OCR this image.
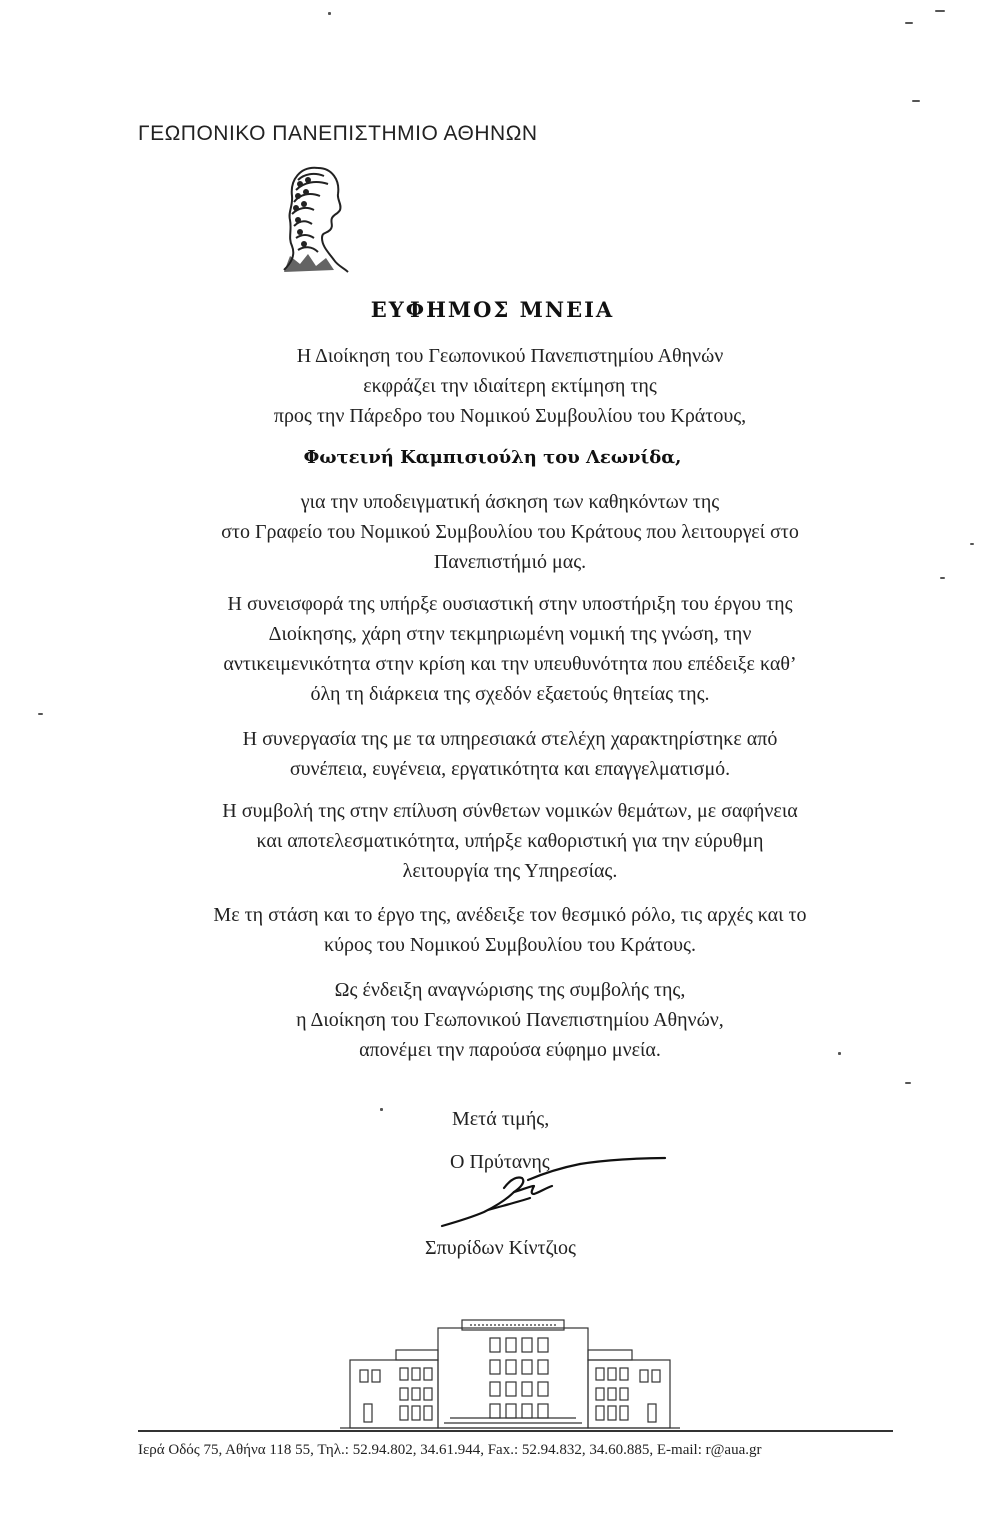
ΓΕΩΠΟΝΙΚΟ ΠΑΝΕΠΙΣΤΗΜΙΟ ΑΘΗΝΩΝ
ΕΥΦΗΜΟΣ ΜΝΕΙΑ
Η Διοίκηση του Γεωπονικού Πανεπιστημίου Αθηνών
εκφράζει την ιδιαίτερη εκτίμηση της
προς την Πάρεδρο του Νομικού Συμβουλίου του Κράτους,
Φωτεινή Καμπισιούλη του Λεωνίδα,
για την υποδειγματική άσκηση των καθηκόντων της
στο Γραφείο του Νομικού Συμβουλίου του Κράτους που λειτουργεί στο
Πανεπιστήμιό μας.
Η συνεισφορά της υπήρξε ουσιαστική στην υποστήριξη του έργου της
Διοίκησης, χάρη στην τεκμηριωμένη νομική της γνώση, την
αντικειμενικότητα στην κρίση και την υπευθυνότητα που επέδειξε καθ’
όλη τη διάρκεια της σχεδόν εξαετούς θητείας της.
Η συνεργασία της με τα υπηρεσιακά στελέχη χαρακτηρίστηκε από
συνέπεια, ευγένεια, εργατικότητα και επαγγελματισμό.
Η συμβολή της στην επίλυση σύνθετων νομικών θεμάτων, με σαφήνεια
και αποτελεσματικότητα, υπήρξε καθοριστική για την εύρυθμη
λειτουργία της Υπηρεσίας.
Με τη στάση και το έργο της, ανέδειξε τον θεσμικό ρόλο, τις αρχές και το
κύρος του Νομικού Συμβουλίου του Κράτους.
Ως ένδειξη αναγνώρισης της συμβολής της,
η Διοίκηση του Γεωπονικού Πανεπιστημίου Αθηνών,
απονέμει την παρούσα εύφημο μνεία.
Μετά τιμής,
Ο Πρύτανης
Σπυρίδων Κίντζιος
Ιερά Οδός 75, Αθήνα 118 55, Τηλ.: 52.94.802, 34.61.944, Fax.: 52.94.832, 34.60.885, E-mail: r@aua.gr
